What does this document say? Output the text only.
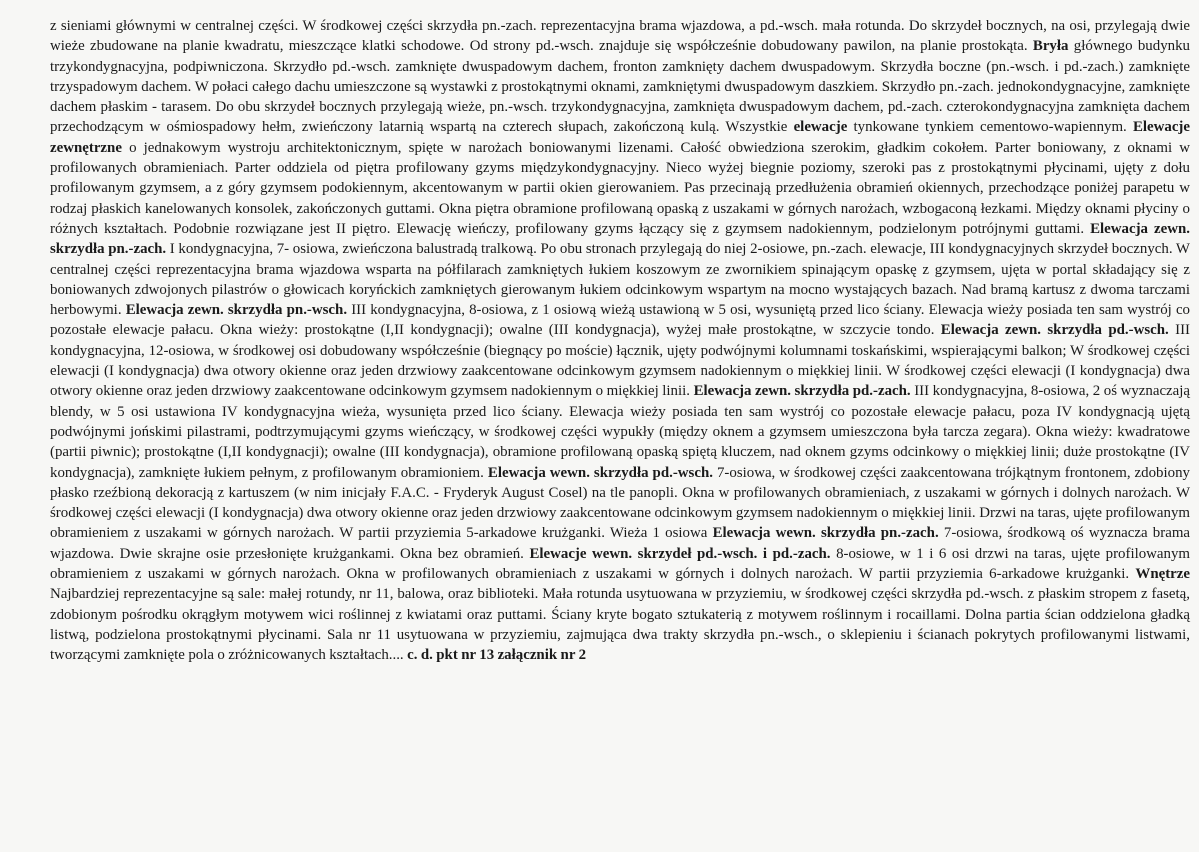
z sieniami głównymi w centralnej części. W środkowej części skrzydła pn.-zach. reprezentacyjna brama wjazdowa, a pd.-wsch. mała rotunda. Do skrzydeł bocznych, na osi, przylegają dwie wieże zbudowane na planie kwadratu, mieszczące klatki schodowe. Od strony pd.-wsch. znajduje się współcześnie dobudowany pawilon, na planie prostokąta. Bryła głównego budynku trzykondygnacyjna, podpiwniczona. Skrzydło pd.-wsch. zamknięte dwuspadowym dachem, fronton zamknięty dachem dwuspadowym. Skrzydła boczne (pn.-wsch. i pd.-zach.) zamknięte trzyspadowym dachem. W połaci całego dachu umieszczone są wystawki z prostokątnymi oknami, zamkniętymi dwuspadowym daszkiem. Skrzydło pn.-zach. jednokondygnacyjne, zamknięte dachem płaskim - tarasem. Do obu skrzydeł bocznych przylegają wieże, pn.-wsch. trzykondygnacyjna, zamknięta dwuspadowym dachem, pd.-zach. czterokondygnacyjna zamknięta dachem przechodzącym w ośmiospadowy hełm, zwieńczony latarnią wspartą na czterech słupach, zakończoną kulą. Wszystkie elewacje tynkowane tynkiem cementowo-wapiennym. Elewacje zewnętrzne o jednakowym wystroju architektonicznym, spięte w narożach boniowanymi lizenami. Całość obwiedziona szerokim, gładkim cokołem. Parter boniowany, z oknami w profilowanych obramieniach. Parter oddziela od piętra profilowany gzyms międzykondygnacyjny. Nieco wyżej biegnie poziomy, szeroki pas z prostokątnymi płycinami, ujęty z dołu profilowanym gzymsem, a z góry gzymsem podokiennym, akcentowanym w partii okien gierowaniem. Pas przecinają przedłużenia obramień okiennych, przechodzące poniżej parapetu w rodzaj płaskich kanelowanych konsolek, zakończonych guttami. Okna piętra obramione profilowaną opaską z uszakami w górnych narożach, wzbogaconą łezkami. Między oknami płyciny o różnych kształtach. Podobnie rozwiązane jest II piętro. Elewację wieńczy, profilowany gzyms łączący się z gzymsem nadokiennym, podzielonym potrójnymi guttami. Elewacja zewn. skrzydła pn.-zach. I kondygnacyjna, 7- osiowa, zwieńczona balustradą tralkową. Po obu stronach przylegają do niej 2-osiowe, pn.-zach. elewacje, III kondygnacyjnych skrzydeł bocznych. W centralnej części reprezentacyjna brama wjazdowa wsparta na półfilarach zamkniętych łukiem koszowym ze zwornikiem spinającym opaskę z gzymsem, ujęta w portal składający się z boniowanych zdwojonych pilastrów o głowicach koryńckich zamkniętych gierowanym łukiem odcinkowym wspartym na mocno wystających bazach. Nad bramą kartusz z dwoma tarczami herbowymi. Elewacja zewn. skrzydła pn.-wsch. III kondygnacyjna, 8-osiowa, z 1 osiową wieżą ustawioną w 5 osi, wysuniętą przed lico ściany. Elewacja wieży posiada ten sam wystrój co pozostałe elewacje pałacu. Okna wieży: prostokątne (I,II kondygnacji); owalne (III kondygnacja), wyżej małe prostokątne, w szczycie tondo. Elewacja zewn. skrzydła pd.-wsch. III kondygnacyjna, 12-osiowa, w środkowej osi dobudowany współcześnie (biegnący po moście) łącznik, ujęty podwójnymi kolumnami toskańskimi, wspierającymi balkon; W środkowej części elewacji (I kondygnacja) dwa otwory okienne oraz jeden drzwiowy zaakcentowane odcinkowym gzymsem nadokiennym o miękkiej linii. W środkowej części elewacji (I kondygnacja) dwa otwory okienne oraz jeden drzwiowy zaakcentowane odcinkowym gzymsem nadokiennym o miękkiej linii. Elewacja zewn. skrzydła pd.-zach. III kondygnacyjna, 8-osiowa, 2 oś wyznaczają blendy, w 5 osi ustawiona IV kondygnacyjna wieża, wysunięta przed lico ściany. Elewacja wieży posiada ten sam wystrój co pozostałe elewacje pałacu, poza IV kondygnacją ujętą podwójnymi jońskimi pilastrami, podtrzymującymi gzyms wieńczący, w środkowej części wypukły (między oknem a gzymsem umieszczona była tarcza zegara). Okna wieży: kwadratowe (partii piwnic); prostokątne (I,II kondygnacji); owalne (III kondygnacja), obramione profilowaną opaską spiętą kluczem, nad oknem gzyms odcinkowy o miękkiej linii; duże prostokątne (IV kondygnacja), zamknięte łukiem pełnym, z profilowanym obramioniem. Elewacja wewn. skrzydła pd.-wsch. 7-osiowa, w środkowej części zaakcentowana trójkątnym frontonem, zdobiony płasko rzeźbioną dekoracją z kartuszem (w nim inicjały F.A.C. - Fryderyk August Cosel) na tle panopli. Okna w profilowanych obramieniach, z uszakami w górnych i dolnych narożach. W środkowej części elewacji (I kondygnacja) dwa otwory okienne oraz jeden drzwiowy zaakcentowane odcinkowym gzymsem nadokiennym o miękkiej linii. Drzwi na taras, ujęte profilowanym obramieniem z uszakami w górnych narożach. W partii przyziemia 5-arkadowe krużganki. Wieża 1 osiowa Elewacja wewn. skrzydła pn.-zach. 7-osiowa, środkową oś wyznacza brama wjazdowa. Dwie skrajne osie przesłonięte krużgankami. Okna bez obramień. Elewacje wewn. skrzydeł pd.-wsch. i pd.-zach. 8-osiowe, w 1 i 6 osi drzwi na taras, ujęte profilowanym obramieniem z uszakami w górnych narożach. Okna w profilowanych obramieniach z uszakami w górnych i dolnych narożach. W partii przyziemia 6-arkadowe krużganki. Wnętrze Najbardziej reprezentacyjne są sale: małej rotundy, nr 11, balowa, oraz biblioteki. Mała rotunda usytuowana w przyziemiu, w środkowej części skrzydła pd.-wsch. z płaskim stropem z fasetą, zdobionym pośrodku okrągłym motywem wici roślinnej z kwiatami oraz puttami. Ściany kryte bogato sztukaterią z motywem roślinnym i rocaillami. Dolna partia ścian oddzielona gładką listwą, podzielona prostokątnymi płycinami. Sala nr 11 usytuowana w przyziemiu, zajmująca dwa trakty skrzydła pn.-wsch., o sklepieniu i ścianach pokrytych profilowanymi listwami, tworzącymi zamknięte pola o zróżnicowanych kształtach.... c. d. pkt nr 13 załącznik nr 2
